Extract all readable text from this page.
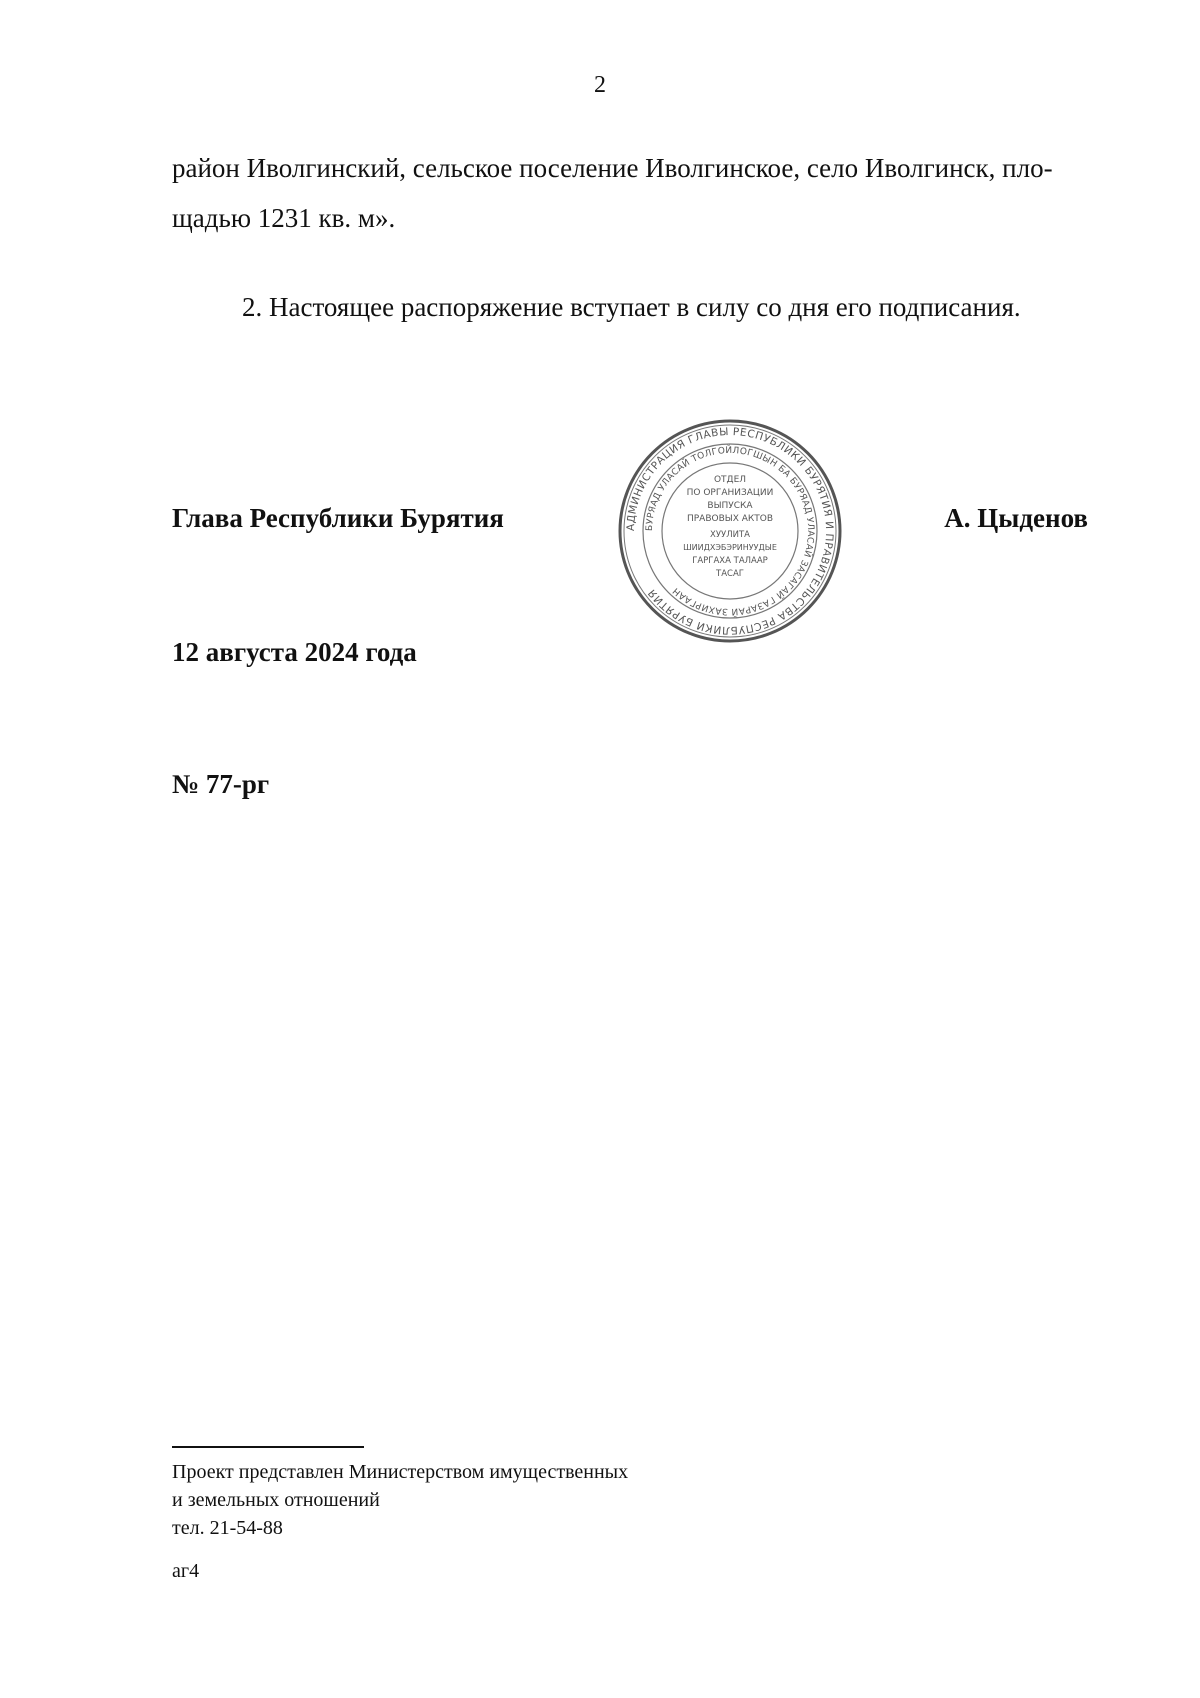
2
район Иволгинский, сельское поселение Иволгинское, село Иволгинск, пло-
щадью 1231 кв. м».
2. Настоящее распоряжение вступает в силу со дня его подписания.
Глава Республики Бурятия	А. Цыденов
АДМИНИСТРАЦИЯ ГЛАВЫ РЕСПУБЛИКИ БУРЯТИЯ И ПРАВИТЕЛЬСТВА РЕСПУБЛИКИ БУРЯТИЯ
БУРЯАД УЛАСАЙ ТОЛГОЙЛОГШЫН БА БУРЯАД УЛАСАЙ ЗАСАГАЙ ГАЗАРАЙ ЗАХИРГААН
ОТДЕЛ
ПО ОРГАНИЗАЦИИ
ВЫПУСКА
ПРАВОВЫХ АКТОВ
ХУУЛИТА
ШИИДХЭБЭРИНУУДЫЕ
ГАРГАХА ТАЛААР
ТАСАГ
12 августа 2024 года
№ 77-рг
Проект представлен Министерством имущественных
и земельных отношений
тел. 21-54-88
аг4
